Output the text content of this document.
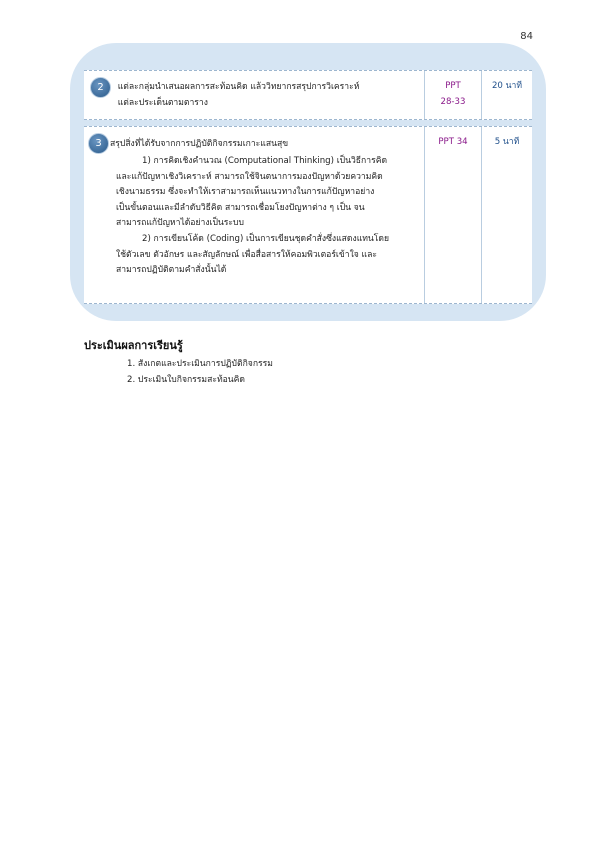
84
2 แต่ละกลุ่มนำเสนอผลการสะท้อนคิด แล้ววิทยากรสรุปการวิเคราะห์
แต่ละประเด็นตามตาราง
PPT
28-33
20 นาที
3 สรุปสิ่งที่ได้รับจากการปฏิบัติกิจกรรมเกาะแสนสุข
1) การคิดเชิงคำนวณ (Computational Thinking) เป็นวิธีการคิด
และแก้ปัญหาเชิงวิเคราะห์ สามารถใช้จินตนาการมองปัญหาด้วยความคิด
เชิงนามธรรม ซึ่งจะทำให้เราสามารถเห็นแนวทางในการแก้ปัญหาอย่าง
เป็นขั้นตอนและมีลำดับวิธีคิด สามารถเชื่อมโยงปัญหาต่าง ๆ เป็น จน
สามารถแก้ปัญหาได้อย่างเป็นระบบ
2) การเขียนโค้ด (Coding) เป็นการเขียนชุดคำสั่งซึ่งแสดงแทนโดย
ใช้ตัวเลข ตัวอักษร และสัญลักษณ์ เพื่อสื่อสารให้คอมพิวเตอร์เข้าใจ และ
สามารถปฏิบัติตามคำสั่งนั้นได้
PPT 34	5 นาที
ประเมินผลการเรียนรู้
1. สังเกตและประเมินการปฏิบัติกิจกรรม
2. ประเมินใบกิจกรรมสะท้อนคิด
